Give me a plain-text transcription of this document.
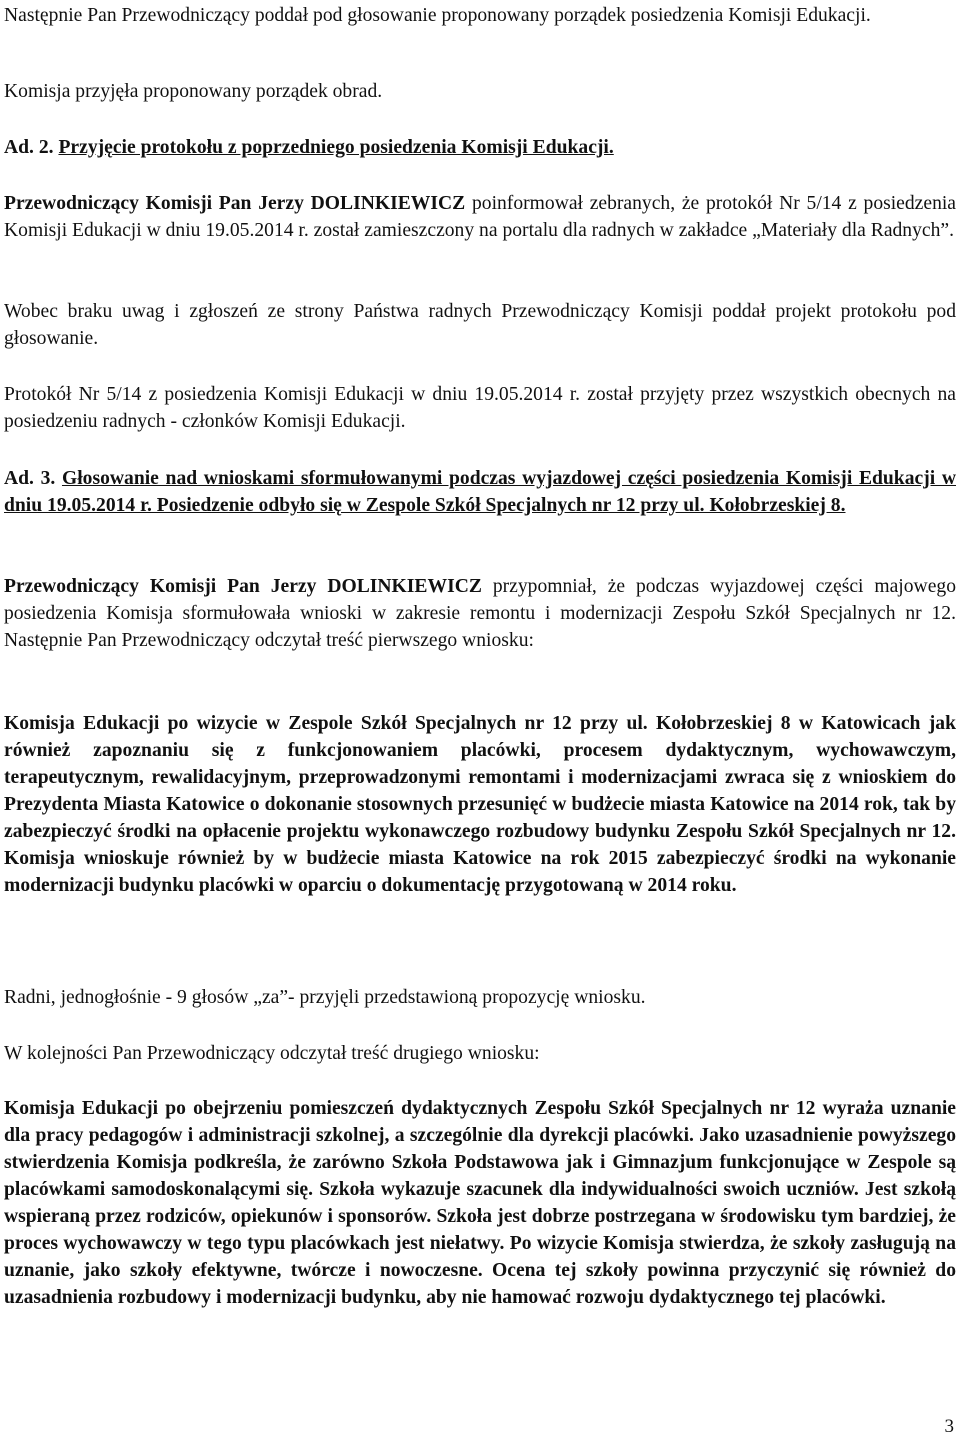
Następnie Pan Przewodniczący poddał pod głosowanie proponowany porządek posiedzenia Komisji Edukacji.

Komisja przyjęła proponowany porządek obrad.

Ad. 2. Przyjęcie protokołu z poprzedniego posiedzenia Komisji Edukacji.

Przewodniczący Komisji Pan Jerzy DOLINKIEWICZ poinformował zebranych, że protokół Nr 5/14 z posiedzenia Komisji Edukacji w dniu 19.05.2014 r. został zamieszczony na portalu dla radnych w zakładce „Materiały dla Radnych”.

Wobec braku uwag i zgłoszeń ze strony Państwa radnych Przewodniczący Komisji poddał projekt protokołu pod głosowanie.

Protokół Nr 5/14 z posiedzenia Komisji Edukacji w dniu 19.05.2014 r. został przyjęty przez wszystkich obecnych na posiedzeniu radnych - członków Komisji Edukacji.

Ad. 3. Głosowanie nad wnioskami sformułowanymi podczas wyjazdowej części posiedzenia Komisji Edukacji w dniu 19.05.2014 r. Posiedzenie odbyło się w Zespole Szkół Specjalnych nr 12 przy ul. Kołobrzeskiej 8.

Przewodniczący Komisji Pan Jerzy DOLINKIEWICZ przypomniał, że podczas wyjazdowej części majowego posiedzenia Komisja sformułowała wnioski w zakresie remontu i modernizacji Zespołu Szkół Specjalnych nr 12. Następnie Pan Przewodniczący odczytał treść pierwszego wniosku:

Komisja Edukacji po wizycie w Zespole Szkół Specjalnych nr 12 przy ul. Kołobrzeskiej 8 w Katowicach jak również zapoznaniu się z funkcjonowaniem placówki, procesem dydaktycznym, wychowawczym, terapeutycznym, rewalidacyjnym, przeprowadzonymi remontami i modernizacjami zwraca się z wnioskiem do Prezydenta Miasta Katowice o dokonanie stosownych przesunięć w budżecie miasta Katowice na 2014 rok, tak by zabezpieczyć środki na opłacenie projektu wykonawczego rozbudowy budynku Zespołu Szkół Specjalnych nr 12. Komisja wnioskuje również by w budżecie miasta Katowice na rok 2015 zabezpieczyć środki na wykonanie modernizacji budynku placówki w oparciu o dokumentację przygotowaną w 2014 roku.

Radni, jednogłośnie - 9 głosów „za”- przyjęli przedstawioną propozycję wniosku.

W kolejności Pan Przewodniczący odczytał treść drugiego wniosku:

Komisja Edukacji po obejrzeniu pomieszczeń dydaktycznych Zespołu Szkół Specjalnych nr 12 wyraża uznanie dla pracy pedagogów i administracji szkolnej, a szczególnie dla dyrekcji placówki. Jako uzasadnienie powyższego stwierdzenia Komisja podkreśla, że zarówno Szkoła Podstawowa jak i Gimnazjum funkcjonujące w Zespole są placówkami samodoskonalącymi się. Szkoła wykazuje szacunek dla indywidualności swoich uczniów. Jest szkołą wspieraną przez rodziców, opiekunów i sponsorów. Szkoła jest dobrze postrzegana w środowisku tym bardziej, że proces wychowawczy w tego typu placówkach jest niełatwy. Po wizycie Komisja stwierdza, że szkoły zasługują na uznanie, jako szkoły efektywne, twórcze i nowoczesne. Ocena tej szkoły powinna przyczynić się również do uzasadnienia rozbudowy i modernizacji budynku, aby nie hamować rozwoju dydaktycznego tej placówki.

3
